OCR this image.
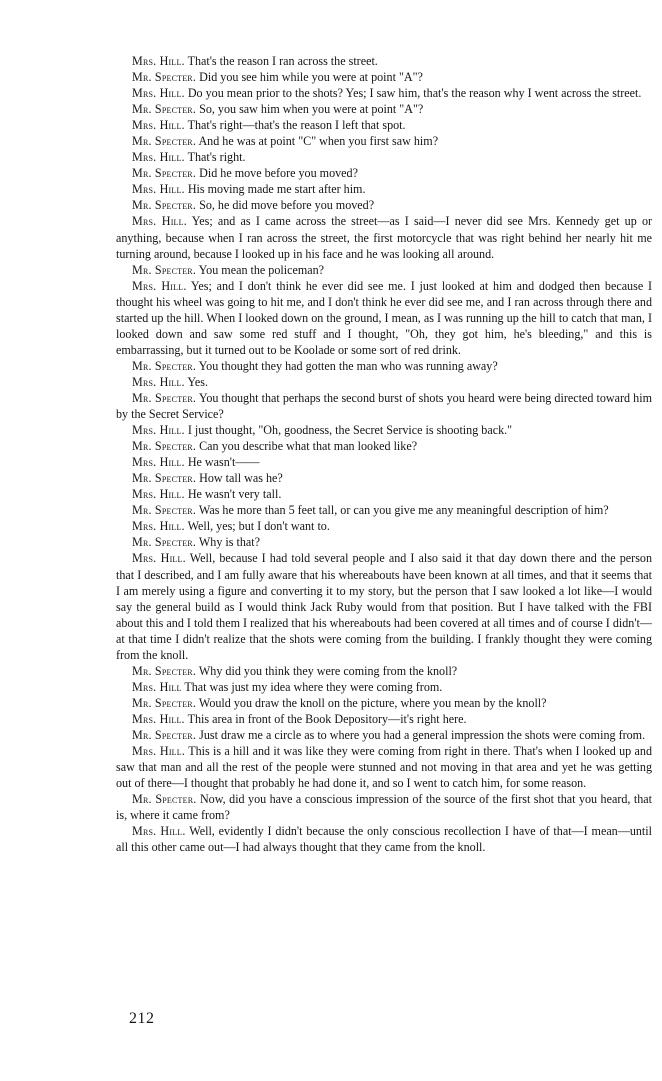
Mrs. Hill. That's the reason I ran across the street.

Mr. Specter. Did you see him while you were at point "A"?

Mrs. Hill. Do you mean prior to the shots? Yes; I saw him, that's the reason why I went across the street.

Mr. Specter. So, you saw him when you were at point "A"?

Mrs. Hill. That's right—that's the reason I left that spot.

Mr. Specter. And he was at point "C" when you first saw him?

Mrs. Hill. That's right.

Mr. Specter. Did he move before you moved?

Mrs. Hill. His moving made me start after him.

Mr. Specter. So, he did move before you moved?

Mrs. Hill. Yes; and as I came across the street—as I said—I never did see Mrs. Kennedy get up or anything, because when I ran across the street, the first motorcycle that was right behind her nearly hit me turning around, because I looked up in his face and he was looking all around.

Mr. Specter. You mean the policeman?

Mrs. Hill. Yes; and I don't think he ever did see me. I just looked at him and dodged then because I thought his wheel was going to hit me, and I don't think he ever did see me, and I ran across through there and started up the hill. When I looked down on the ground, I mean, as I was running up the hill to catch that man, I looked down and saw some red stuff and I thought, "Oh, they got him, he's bleeding," and this is embarrassing, but it turned out to be Koolade or some sort of red drink.

Mr. Specter. You thought they had gotten the man who was running away?

Mrs. Hill. Yes.

Mr. Specter. You thought that perhaps the second burst of shots you heard were being directed toward him by the Secret Service?

Mrs. Hill. I just thought, "Oh, goodness, the Secret Service is shooting back."

Mr. Specter. Can you describe what that man looked like?

Mrs. Hill. He wasn't——

Mr. Specter. How tall was he?

Mrs. Hill. He wasn't very tall.

Mr. Specter. Was he more than 5 feet tall, or can you give me any meaningful description of him?

Mrs. Hill. Well, yes; but I don't want to.

Mr. Specter. Why is that?

Mrs. Hill. Well, because I had told several people and I also said it that day down there and the person that I described, and I am fully aware that his whereabouts have been known at all times, and that it seems that I am merely using a figure and converting it to my story, but the person that I saw looked a lot like—I would say the general build as I would think Jack Ruby would from that position. But I have talked with the FBI about this and I told them I realized that his whereabouts had been covered at all times and of course I didn't—at that time I didn't realize that the shots were coming from the building. I frankly thought they were coming from the knoll.

Mr. Specter. Why did you think they were coming from the knoll?

Mrs. Hill That was just my idea where they were coming from.

Mr. Specter. Would you draw the knoll on the picture, where you mean by the knoll?

Mrs. Hill. This area in front of the Book Depository—it's right here.

Mr. Specter. Just draw me a circle as to where you had a general impression the shots were coming from.

Mrs. Hill. This is a hill and it was like they were coming from right in there. That's when I looked up and saw that man and all the rest of the people were stunned and not moving in that area and yet he was getting out of there—I thought that probably he had done it, and so I went to catch him, for some reason.

Mr. Specter. Now, did you have a conscious impression of the source of the first shot that you heard, that is, where it came from?

Mrs. Hill. Well, evidently I didn't because the only conscious recollection I have of that—I mean—until all this other came out—I had always thought that they came from the knoll.

212
